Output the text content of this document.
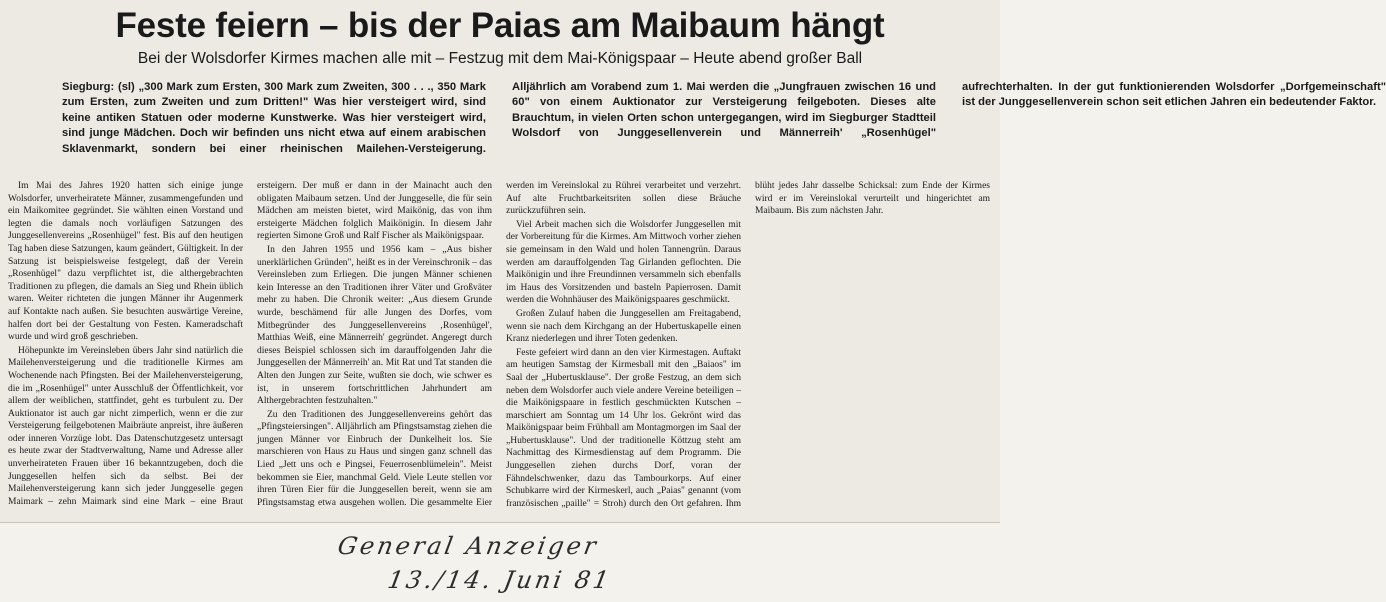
Feste feiern – bis der Paias am Maibaum hängt
Bei der Wolsdorfer Kirmes machen alle mit – Festzug mit dem Mai-Königspaar – Heute abend großer Ball
Siegburg: (sl) „300 Mark zum Ersten, 300 Mark zum Zweiten, 300 . . ., 350 Mark zum Ersten, zum Zweiten und zum Dritten!" Was hier versteigert wird, sind keine antiken Statuen oder moderne Kunstwerke. Was hier versteigert wird, sind junge Mädchen. Doch wir befinden uns nicht etwa auf einem arabischen Sklavenmarkt, sondern bei einer rheinischen Mailehen-Versteigerung. Alljährlich am Vorabend zum 1. Mai werden die „Jungfrauen zwischen 16 und 60" von einem Auktionator zur Versteigerung feilgeboten. Dieses alte Brauchtum, in vielen Orten schon untergegangen, wird im Siegburger Stadtteil Wolsdorf von Junggesellenverein und Männerreih' „Rosenhügel" aufrechterhalten. In der gut funktionierenden Wolsdorfer „Dorfgemeinschaft" ist der Junggesellenverein schon seit etlichen Jahren ein bedeutender Faktor.

Im Mai des Jahres 1920 hatten sich einige junge Wolsdorfer, unverheiratete Männer, zusammengefunden und ein Maikomitee gegründet. Sie wählten einen Vorstand und legten die damals noch vorläufigen Satzungen des Junggesellenvereins „Rosenhügel" fest. Bis auf den heutigen Tag haben diese Satzungen, kaum geändert, Gültigkeit. In der Satzung ist beispielsweise festgelegt, daß der Verein „Rosenhügel" dazu verpflichtet ist, die althergebrachten Traditionen zu pflegen, die damals an Sieg und Rhein üblich waren. Weiter richteten die jungen Männer ihr Augenmerk auf Kontakte nach außen. Sie besuchten auswärtige Vereine, halfen dort bei der Gestaltung von Festen. Kameradschaft wurde und wird groß geschrieben.

Höhepunkte im Vereinsleben übers Jahr sind natürlich die Mailehenversteigerung und die traditionelle Kirmes am Wochenende nach Pfingsten. Bei der Mailehenversteigerung, die im „Rosenhügel" unter Ausschluß der Öffentlichkeit, vor allem der weiblichen, stattfindet, geht es turbulent zu. Der Auktionator ist auch gar nicht zimperlich, wenn er die zur Versteigerung feilgebotenen Maibräute anpreist, ihre äußeren oder inneren Vorzüge lobt. Das Datenschutzgesetz untersagt es heute zwar der Stadtverwaltung, Name und Adresse aller unverheirateten Frauen über 16 bekanntzugeben, doch die Junggesellen helfen sich da selbst. Bei der Mailehenversteigerung kann sich jeder Junggeselle gegen Maimark – zehn Maimark sind eine Mark – eine Braut ersteigern. Der muß er dann in der Mainacht auch den obligaten Maibaum setzen. Und der Junggeselle, die für sein Mädchen am meisten bietet, wird Maikönig, das von ihm ersteigerte Mädchen folglich Maikönigin. In diesem Jahr regierten Simone Groß und Ralf Fischer als Maikönigspaar.

In den Jahren 1955 und 1956 kam – „Aus bisher unerklärlichen Gründen", heißt es in der Vereinschronik – das Vereinsleben zum Erliegen. Die jungen Männer schienen kein Interesse an den Traditionen ihrer Väter und Großväter mehr zu haben. Die Chronik weiter: „Aus diesem Grunde wurde, beschämend für alle Jungen des Dorfes, vom Mitbegründer des Junggesellenvereins ‚Rosenhügel', Matthias Weiß, eine Männerreih' gegründet. Angeregt durch dieses Beispiel schlossen sich im darauffolgenden Jahr die Junggesellen der Männerreih' an. Mit Rat und Tat standen die Alten den Jungen zur Seite, wußten sie doch, wie schwer es ist, in unserem fortschrittlichen Jahrhundert am Althergebrachten festzuhalten."

Zu den Traditionen des Junggesellenvereins gehört das „Pfingsteiersingen". Alljährlich am Pfingstsamstag ziehen die jungen Männer vor Einbruch der Dunkelheit los. Sie marschieren von Haus zu Haus und singen ganz schnell das Lied „Jett uns och e Pingsei, Feuerrosenblümelein". Meist bekommen sie Eier, manchmal Geld. Viele Leute stellen vor ihren Türen Eier für die Junggesellen bereit, wenn sie am Pfingstsamstag etwa ausgehen wollen. Die gesammelte Eier werden im Vereinslokal zu Rührei verarbeitet und verzehrt. Auf alte Fruchtbarkeitsriten sollen diese Bräuche zurückzuführen sein.

Viel Arbeit machen sich die Wolsdorfer Junggesellen mit der Vorbereitung für die Kirmes. Am Mittwoch vorher ziehen sie gemeinsam in den Wald und holen Tannengrün. Daraus werden am darauffolgenden Tag Girlanden geflochten. Die Maikönigin und ihre Freundinnen versammeln sich ebenfalls im Haus des Vorsitzenden und basteln Papierrosen. Damit werden die Wohnhäuser des Maikönigspaares geschmückt.

Großen Zulauf haben die Junggesellen am Freitagabend, wenn sie nach dem Kirchgang an der Hubertuskapelle einen Kranz niederlegen und ihrer Toten gedenken.

Feste gefeiert wird dann an den vier Kirmestagen. Auftakt am heutigen Samstag der Kirmesball mit den „Baiaos" im Saal der „Hubertusklause". Der große Festzug, an dem sich neben dem Wolsdorfer auch viele andere Vereine beteiligen – die Maikönigspaare in festlich geschmückten Kutschen – marschiert am Sonntag um 14 Uhr los. Gekrönt wird das Maikönigspaar beim Frühball am Montagmorgen im Saal der „Hubertusklause". Und der traditionelle Köttzug steht am Nachmittag des Kirmesdienstag auf dem Programm. Die Junggesellen ziehen durchs Dorf, voran der Fähndelschwenker, dazu das Tambourkorps. Auf einer Schubkarre wird der Kirmeskerl, auch „Paias" genannt (vom französischen „paille" = Stroh) durch den Ort gefahren. Ihm blüht jedes Jahr dasselbe Schicksal: zum Ende der Kirmes wird er im Vereinslokal verurteilt und hingerichtet am Maibaum. Bis zum nächsten Jahr.

General Anzeiger
13./14. Juni 81
